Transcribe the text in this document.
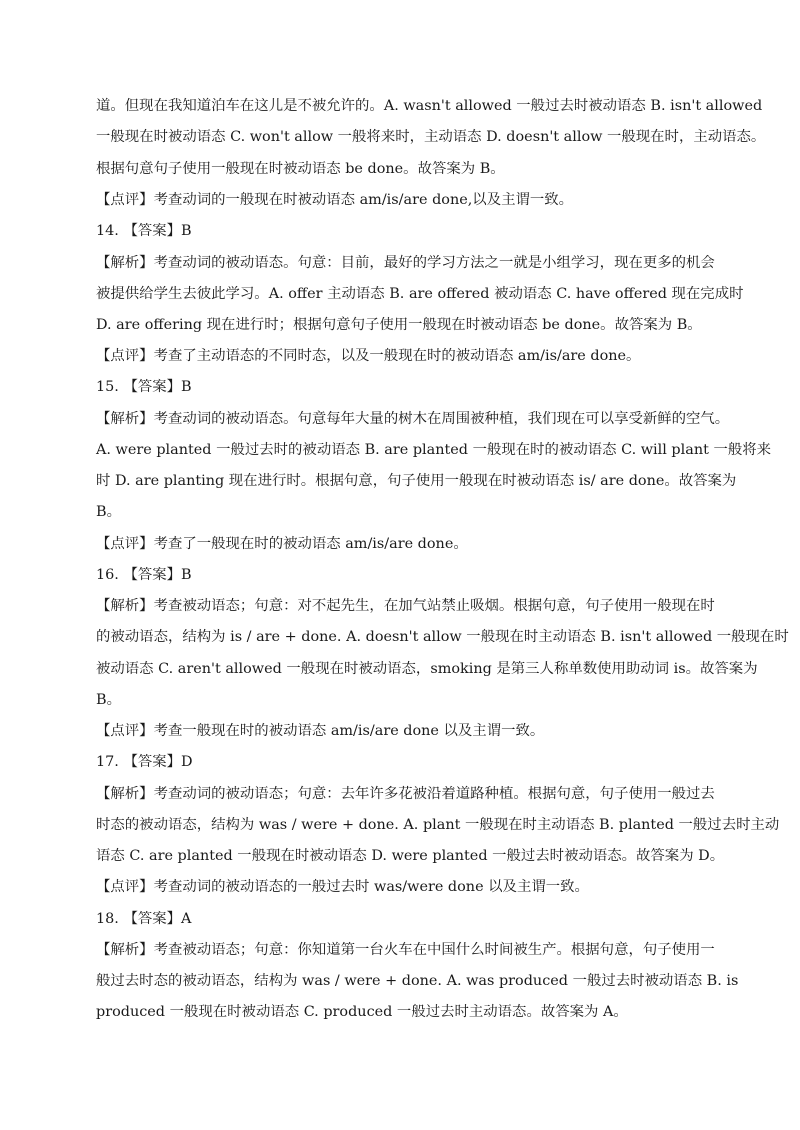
道。但现在我知道泊车在这儿是不被允许的。A. wasn't allowed 一般过去时被动语态 B. isn't allowed
一般现在时被动语态 C. won't allow 一般将来时，主动语态 D. doesn't allow 一般现在时，主动语态。
根据句意句子使用一般现在时被动语态 be done。故答案为 B。
【点评】考查动词的一般现在时被动语态 am/is/are done,以及主谓一致。
14. 【答案】B
【解析】考查动词的被动语态。句意：目前，最好的学习方法之一就是小组学习，现在更多的机会
被提供给学生去彼此学习。A. offer 主动语态 B. are offered 被动语态 C. have offered 现在完成时
D. are offering 现在进行时；根据句意句子使用一般现在时被动语态 be done。故答案为 B。
【点评】考查了主动语态的不同时态，以及一般现在时的被动语态 am/is/are done。
15. 【答案】B
【解析】考查动词的被动语态。句意每年大量的树木在周围被种植，我们现在可以享受新鲜的空气。
A. were planted 一般过去时的被动语态 B. are planted 一般现在时的被动语态 C. will plant 一般将来
时 D. are planting 现在进行时。根据句意，句子使用一般现在时被动语态 is/ are done。故答案为
B。
【点评】考查了一般现在时的被动语态 am/is/are done。
16. 【答案】B
【解析】考查被动语态；句意：对不起先生，在加气站禁止吸烟。根据句意，句子使用一般现在时
的被动语态，结构为 is / are + done. A. doesn't allow 一般现在时主动语态 B. isn't allowed 一般现在时
被动语态 C. aren't allowed 一般现在时被动语态，smoking 是第三人称单数使用助动词 is。故答案为
B。
【点评】考查一般现在时的被动语态 am/is/are done 以及主谓一致。
17. 【答案】D
【解析】考查动词的被动语态；句意：去年许多花被沿着道路种植。根据句意，句子使用一般过去
时态的被动语态，结构为 was / were + done. A. plant 一般现在时主动语态 B. planted 一般过去时主动
语态 C. are planted 一般现在时被动语态 D. were planted 一般过去时被动语态。故答案为 D。
【点评】考查动词的被动语态的一般过去时 was/were done 以及主谓一致。
18. 【答案】A
【解析】考查被动语态；句意：你知道第一台火车在中国什么时间被生产。根据句意，句子使用一
般过去时态的被动语态，结构为 was / were + done. A. was produced 一般过去时被动语态 B. is
produced 一般现在时被动语态 C. produced 一般过去时主动语态。故答案为 A。
